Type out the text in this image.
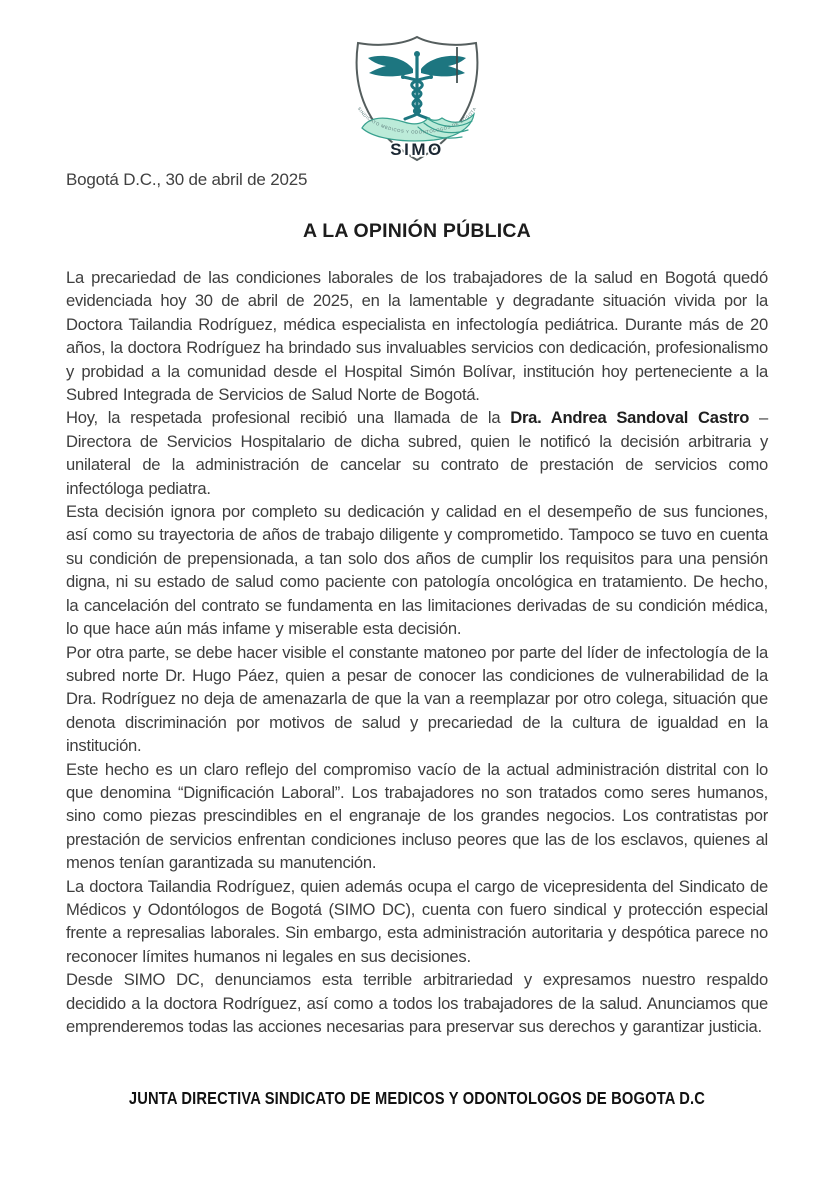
SINDICATO MEDICOS Y ODONTOLOGOS DE BOGOTA
SIMO
Bogotá D.C., 30 de abril de 2025
A LA OPINIÓN PÚBLICA

La precariedad de las condiciones laborales de los trabajadores de la salud en Bogotá quedó evidenciada hoy 30 de abril de 2025, en la lamentable y degradante situación vivida por la Doctora Tailandia Rodríguez, médica especialista en infectología pediátrica. Durante más de 20 años, la doctora Rodríguez ha brindado sus invaluables servicios con dedicación, profesionalismo y probidad a la comunidad desde el Hospital Simón Bolívar, institución hoy perteneciente a la Subred Integrada de Servicios de Salud Norte de Bogotá.

Hoy, la respetada profesional recibió una llamada de la Dra. Andrea Sandoval Castro – Directora de Servicios Hospitalario de dicha subred, quien le notificó la decisión arbitraria y unilateral de la administración de cancelar su contrato de prestación de servicios como infectóloga pediatra.

Esta decisión ignora por completo su dedicación y calidad en el desempeño de sus funciones, así como su trayectoria de años de trabajo diligente y comprometido. Tampoco se tuvo en cuenta su condición de prepensionada, a tan solo dos años de cumplir los requisitos para una pensión digna, ni su estado de salud como paciente con patología oncológica en tratamiento. De hecho, la cancelación del contrato se fundamenta en las limitaciones derivadas de su condición médica, lo que hace aún más infame y miserable esta decisión.

Por otra parte, se debe hacer visible el constante matoneo por parte del líder de infectología de la subred norte Dr. Hugo Páez, quien a pesar de conocer las condiciones de vulnerabilidad de la Dra. Rodríguez no deja de amenazarla de que la van a reemplazar por otro colega, situación que denota discriminación por motivos de salud y precariedad de la cultura de igualdad en la institución.

Este hecho es un claro reflejo del compromiso vacío de la actual administración distrital con lo que denomina “Dignificación Laboral”. Los trabajadores no son tratados como seres humanos, sino como piezas prescindibles en el engranaje de los grandes negocios. Los contratistas por prestación de servicios enfrentan condiciones incluso peores que las de los esclavos, quienes al menos tenían garantizada su manutención.

La doctora Tailandia Rodríguez, quien además ocupa el cargo de vicepresidenta del Sindicato de Médicos y Odontólogos de Bogotá (SIMO DC), cuenta con fuero sindical y protección especial frente a represalias laborales. Sin embargo, esta administración autoritaria y despótica parece no reconocer límites humanos ni legales en sus decisiones.

Desde SIMO DC, denunciamos esta terrible arbitrariedad y expresamos nuestro respaldo decidido a la doctora Rodríguez, así como a todos los trabajadores de la salud. Anunciamos que emprenderemos todas las acciones necesarias para preservar sus derechos y garantizar justicia.

JUNTA DIRECTIVA SINDICATO DE MEDICOS Y ODONTOLOGOS DE BOGOTA D.C
